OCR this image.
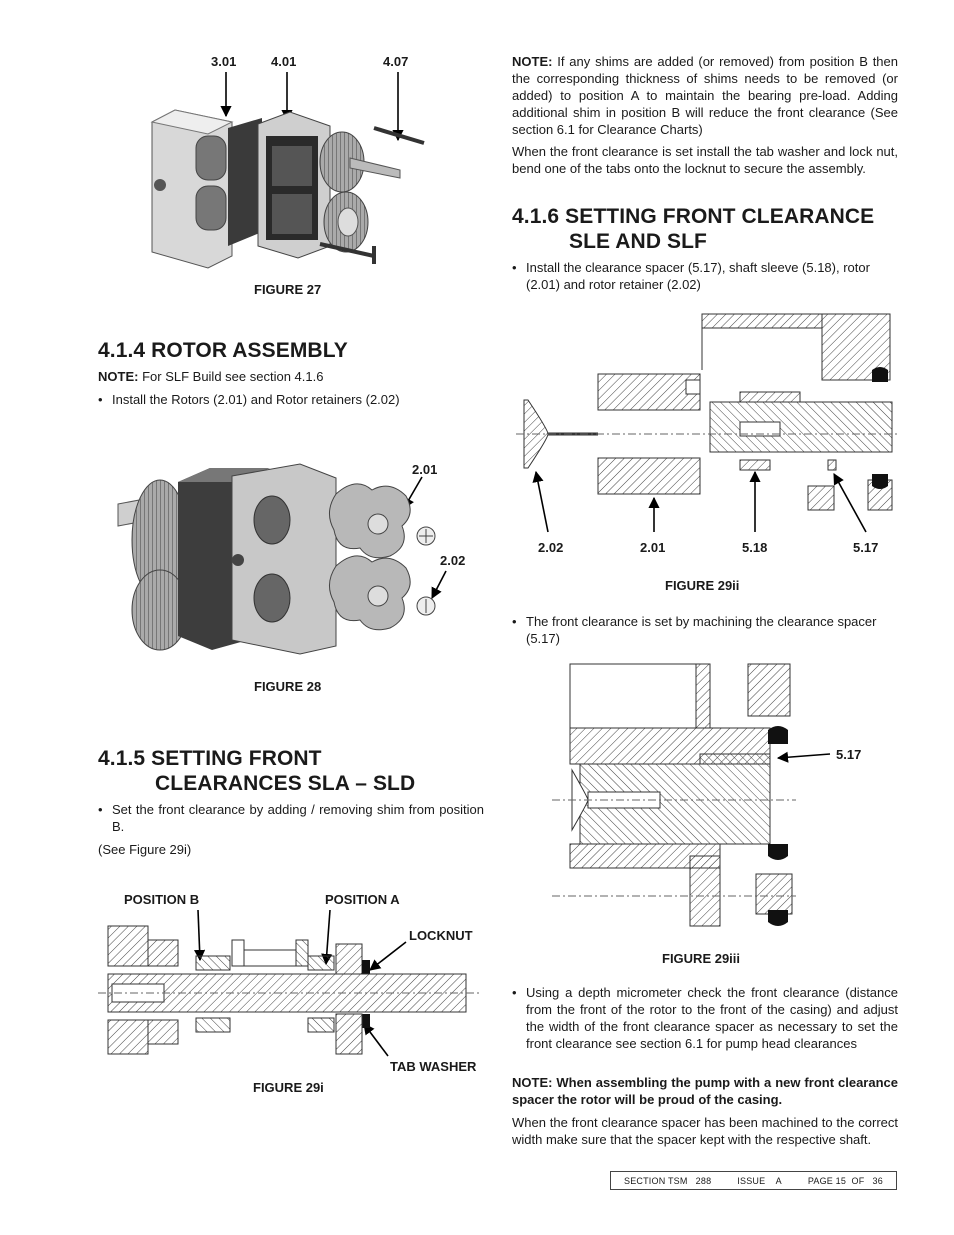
3.01	4.01	4.07
FIGURE 27
4.1.4 ROTOR ASSEMBLY
NOTE: For SLF Build see section 4.1.6
• Install the Rotors (2.01) and Rotor retainers (2.02)
2.01
2.02
FIGURE 28
4.1.5 SETTING FRONT
CLEARANCES SLA – SLD
• Set the front clearance by adding / removing shim from position B.
(See Figure 29i)
POSITION B	POSITION A
LOCKNUT
TAB WASHER
FIGURE 29i
NOTE: If any shims are added (or removed) from position B then the corresponding thickness of shims needs to be removed (or added) to position A to maintain the bearing pre-load. Adding additional shim in position B will reduce the front clearance (See section 6.1 for Clearance Charts)
When the front clearance is set install the tab washer and lock nut, bend one of the tabs onto the locknut to secure the assembly.
4.1.6 SETTING FRONT CLEARANCE
SLE AND SLF
• Install the clearance spacer (5.17), shaft sleeve (5.18), rotor (2.01) and rotor retainer (2.02)
2.02	2.01	5.18	5.17
FIGURE 29ii
• The front clearance is set by machining the clearance spacer (5.17)
5.17
FIGURE 29iii
• Using a depth micrometer check the front clearance (distance from the front of the rotor to the front of the casing) and adjust the width of the front clearance spacer as necessary to set the front clearance see section 6.1 for pump head clearances
NOTE: When assembling the pump with a new front clearance spacer the rotor will be proud of the casing.
When the front clearance spacer has been machined to the correct width make sure that the spacer kept with the respective shaft.
SECTION TSM 288	ISSUE A	PAGE 15 OF 36
